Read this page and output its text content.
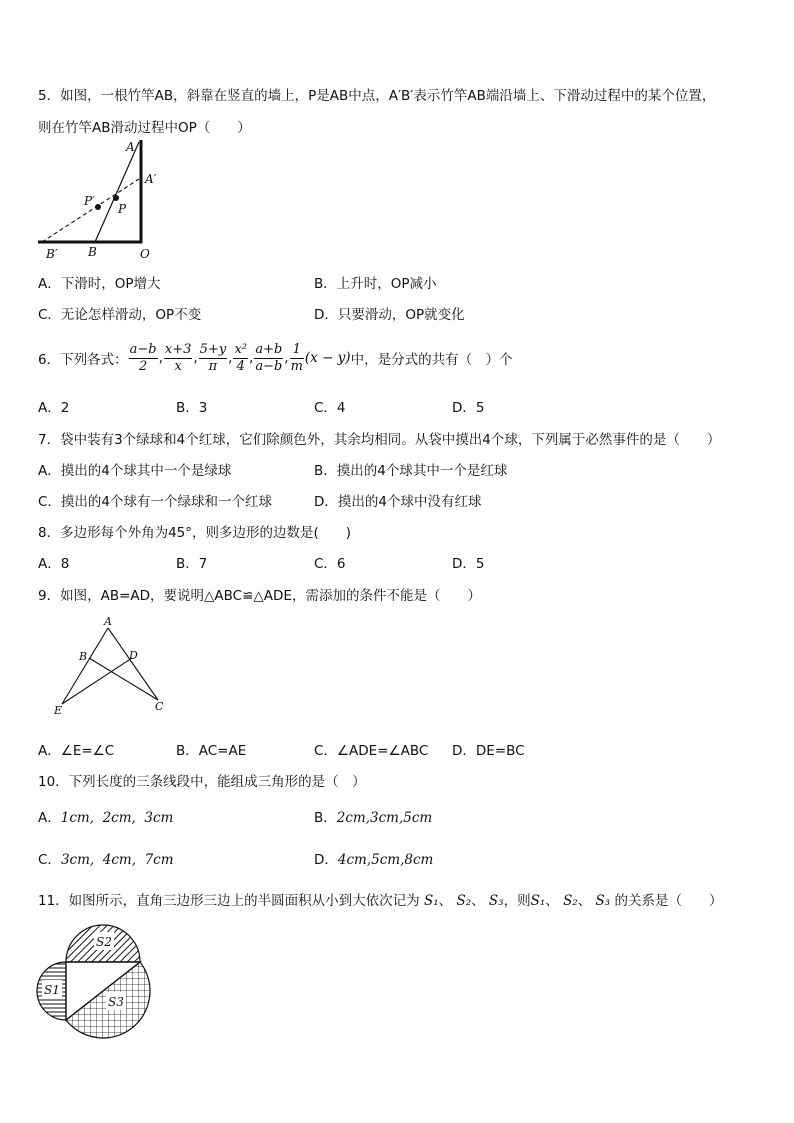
5．如图，一根竹竿AB，斜靠在竖直的墙上，P是AB中点，A′B′表示竹竿AB端沿墙上、下滑动过程中的某个位置，
则在竹竿AB滑动过程中OP（　　）
A
A′
P′
P
B′	B	O
A．下滑时，OP增大	B．上升时，OP减小
C．无论怎样滑动，OP不变	D．只要滑动，OP就变化
6．下列各式： $\frac{a-b}{2}$ , $\frac{x+3}{x}$ , $\frac{5+y}{\pi}$ , $\frac{\text{x²}}{4}$ , $\frac{a+b}{a-b}$ , $\frac{1}{m} (x - y)$ 中，是分式的共有（　）个
A．2	B．3	C．4	D．5
7．袋中装有3个绿球和4个红球，它们除颜色外，其余均相同。从袋中摸出4个球，下列属于必然事件的是（　　）
A．摸出的4个球其中一个是绿球	B．摸出的4个球其中一个是红球
C．摸出的4个球有一个绿球和一个红球	D．摸出的4个球中没有红球
8．多边形每个外角为45°，则多边形的边数是(　　)
A．8	B．7	C．6	D．5
9．如图，AB=AD，要说明△ABC≌△ADE，需添加的条件不能是（　　）
A
B	D
E	C
A．∠E=∠C	B．AC=AE	C．∠ADE=∠ABC D．DE=BC
10．下列长度的三条线段中，能组成三角形的是（　）
A．1cm,  2cm,  3cm	B．2cm,3cm,5cm
C．3cm,  4cm,  7cm	D．4cm,5cm,8cm
11．如图所示，直角三边形三边上的半圆面积从小到大依次记为 S₁、 S₂、 S₃，则S₁、 S₂、 S₃ 的关系是（　　）
S2
S1
S3
